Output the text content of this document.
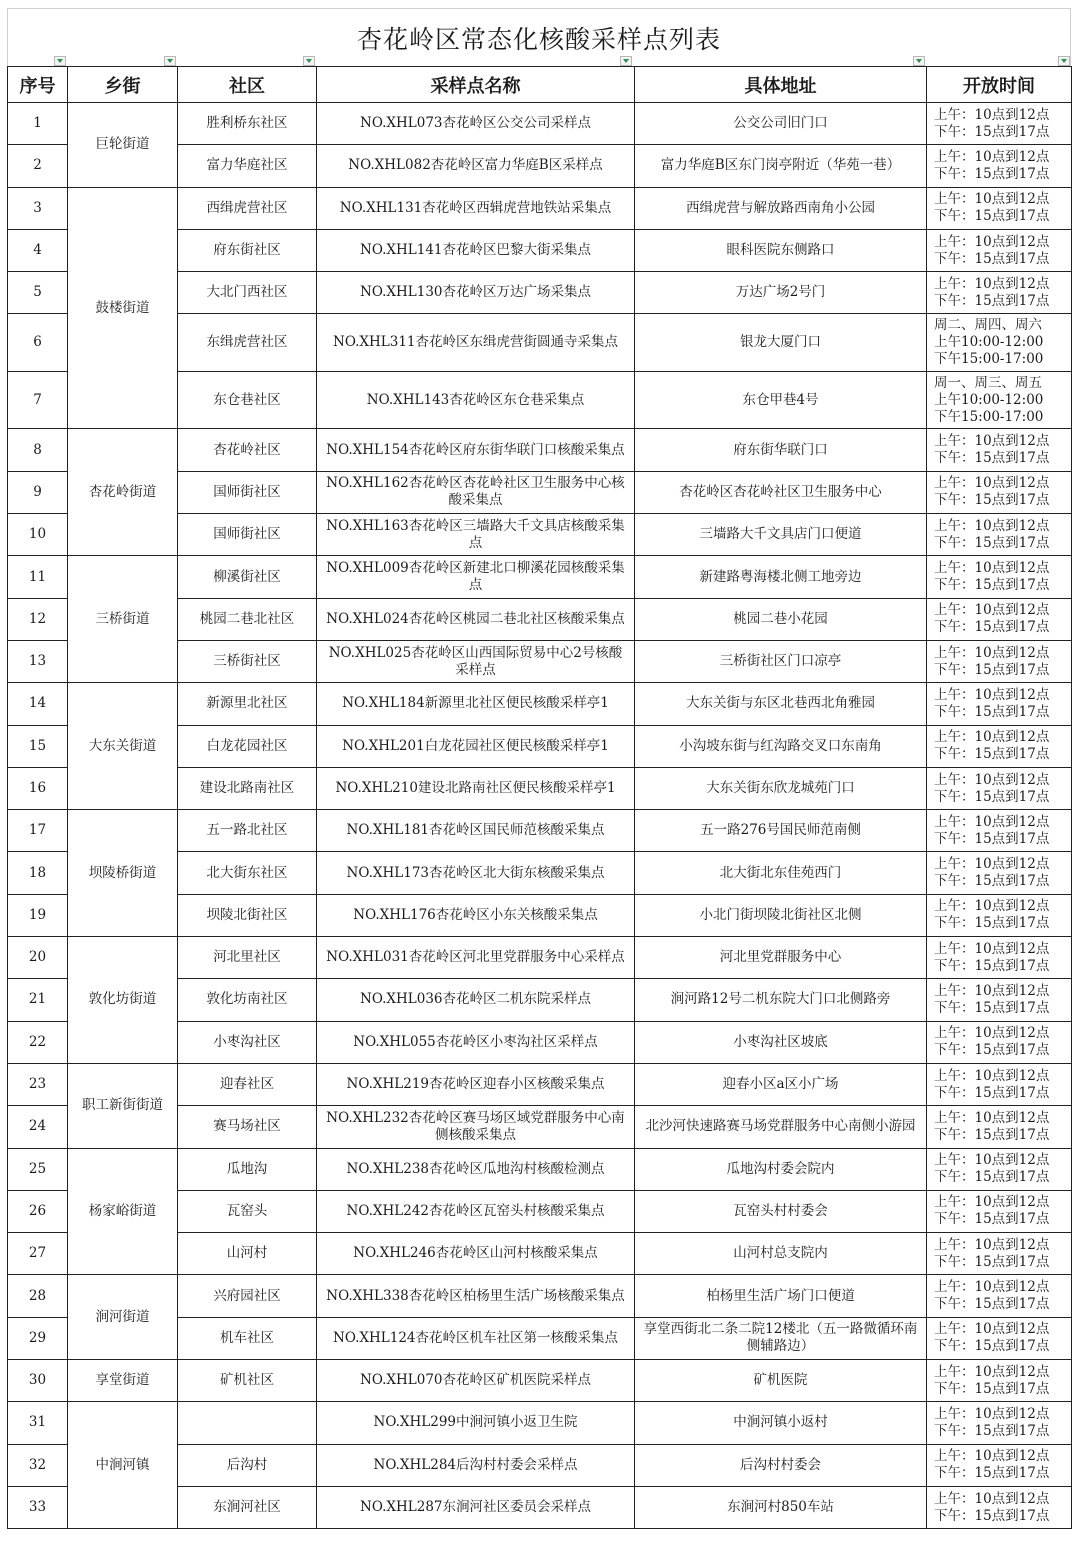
杏花岭区常态化核酸采样点列表
序号	乡街	社区	采样点名称	具体地址	开放时间
1	巨轮街道	胜利桥东社区	NO.XHL073杏花岭区公交公司采样点	公交公司旧门口	上午：10点到12点
下午：15点到17点
2		富力华庭社区	NO.XHL082杏花岭区富力华庭B区采样点	富力华庭B区东门岗亭附近（华苑一巷）	上午：10点到12点
下午：15点到17点
3	鼓楼街道	西缉虎营社区	NO.XHL131杏花岭区西辑虎营地铁站采集点	西缉虎营与解放路西南角小公园	上午：10点到12点
下午：15点到17点
4		府东街社区	NO.XHL141杏花岭区巴黎大街采集点	眼科医院东侧路口	上午：10点到12点
下午：15点到17点
5		大北门西社区	NO.XHL130杏花岭区万达广场采集点	万达广场2号门	上午：10点到12点
下午：15点到17点
6		东缉虎营社区	NO.XHL311杏花岭区东缉虎营街圆通寺采集点	银龙大厦门口	周二、周四、周六
上午10:00-12:00
下午15:00-17:00
7		东仓巷社区	NO.XHL143杏花岭区东仓巷采集点	东仓甲巷4号	周一、周三、周五
上午10:00-12:00
下午15:00-17:00
8	杏花岭街道	杏花岭社区	NO.XHL154杏花岭区府东街华联门口核酸采集点	府东街华联门口	上午：10点到12点
下午：15点到17点
9		国师街社区	NO.XHL162杏花岭区杏花岭社区卫生服务中心核酸采集点	杏花岭区杏花岭社区卫生服务中心	上午：10点到12点
下午：15点到17点
10		国师街社区	NO.XHL163杏花岭区三墙路大千文具店核酸采集点	三墙路大千文具店门口便道	上午：10点到12点
下午：15点到17点
11	三桥街道	柳溪街社区	NO.XHL009杏花岭区新建北口柳溪花园核酸采集点	新建路粤海楼北侧工地旁边	上午：10点到12点
下午：15点到17点
12		桃园二巷北社区	NO.XHL024杏花岭区桃园二巷北社区核酸采集点	桃园二巷小花园	上午：10点到12点
下午：15点到17点
13		三桥街社区	NO.XHL025杏花岭区山西国际贸易中心2号核酸采样点	三桥街社区门口凉亭	上午：10点到12点
下午：15点到17点
14	大东关街道	新源里北社区	NO.XHL184新源里北社区便民核酸采样亭1	大东关街与东区北巷西北角雅园	上午：10点到12点
下午：15点到17点
15		白龙花园社区	NO.XHL201白龙花园社区便民核酸采样亭1	小沟坡东街与红沟路交叉口东南角	上午：10点到12点
下午：15点到17点
16		建设北路南社区	NO.XHL210建设北路南社区便民核酸采样亭1	大东关街东欣龙城苑门口	上午：10点到12点
下午：15点到17点
17	坝陵桥街道	五一路北社区	NO.XHL181杏花岭区国民师范核酸采集点	五一路276号国民师范南侧	上午：10点到12点
下午：15点到17点
18		北大街东社区	NO.XHL173杏花岭区北大街东核酸采集点	北大街北东佳苑西门	上午：10点到12点
下午：15点到17点
19		坝陵北街社区	NO.XHL176杏花岭区小东关核酸采集点	小北门街坝陵北街社区北侧	上午：10点到12点
下午：15点到17点
20	敦化坊街道	河北里社区	NO.XHL031杏花岭区河北里党群服务中心采样点	河北里党群服务中心	上午：10点到12点
下午：15点到17点
21		敦化坊南社区	NO.XHL036杏花岭区二机东院采样点	涧河路12号二机东院大门口北侧路旁	上午：10点到12点
下午：15点到17点
22		小枣沟社区	NO.XHL055杏花岭区小枣沟社区采样点	小枣沟社区坡底	上午：10点到12点
下午：15点到17点
23	职工新街街道	迎春社区	NO.XHL219杏花岭区迎春小区核酸采集点	迎春小区a区小广场	上午：10点到12点
下午：15点到17点
24		赛马场社区	NO.XHL232杏花岭区赛马场区域党群服务中心南侧核酸采集点	北沙河快速路赛马场党群服务中心南侧小游园	上午：10点到12点
下午：15点到17点
25	杨家峪街道	瓜地沟	NO.XHL238杏花岭区瓜地沟村核酸检测点	瓜地沟村委会院内	上午：10点到12点
下午：15点到17点
26		瓦窑头	NO.XHL242杏花岭区瓦窑头村核酸采集点	瓦窑头村村委会	上午：10点到12点
下午：15点到17点
27		山河村	NO.XHL246杏花岭区山河村核酸采集点	山河村总支院内	上午：10点到12点
下午：15点到17点
28	涧河街道	兴府园社区	NO.XHL338杏花岭区柏杨里生活广场核酸采集点	柏杨里生活广场门口便道	上午：10点到12点
下午：15点到17点
29		机车社区	NO.XHL124杏花岭区机车社区第一核酸采集点	享堂西街北二条二院12楼北（五一路微循环南侧辅路边）	上午：10点到12点
下午：15点到17点
30	享堂街道	矿机社区	NO.XHL070杏花岭区矿机医院采样点	矿机医院	上午：10点到12点
下午：15点到17点
31	中涧河镇		NO.XHL299中涧河镇小返卫生院	中涧河镇小返村	上午：10点到12点
下午：15点到17点
32		后沟村	NO.XHL284后沟村村委会采样点	后沟村村委会	上午：10点到12点
下午：15点到17点
33		东涧河社区	NO.XHL287东涧河社区委员会采样点	东涧河村850车站	上午：10点到12点
下午：15点到17点
